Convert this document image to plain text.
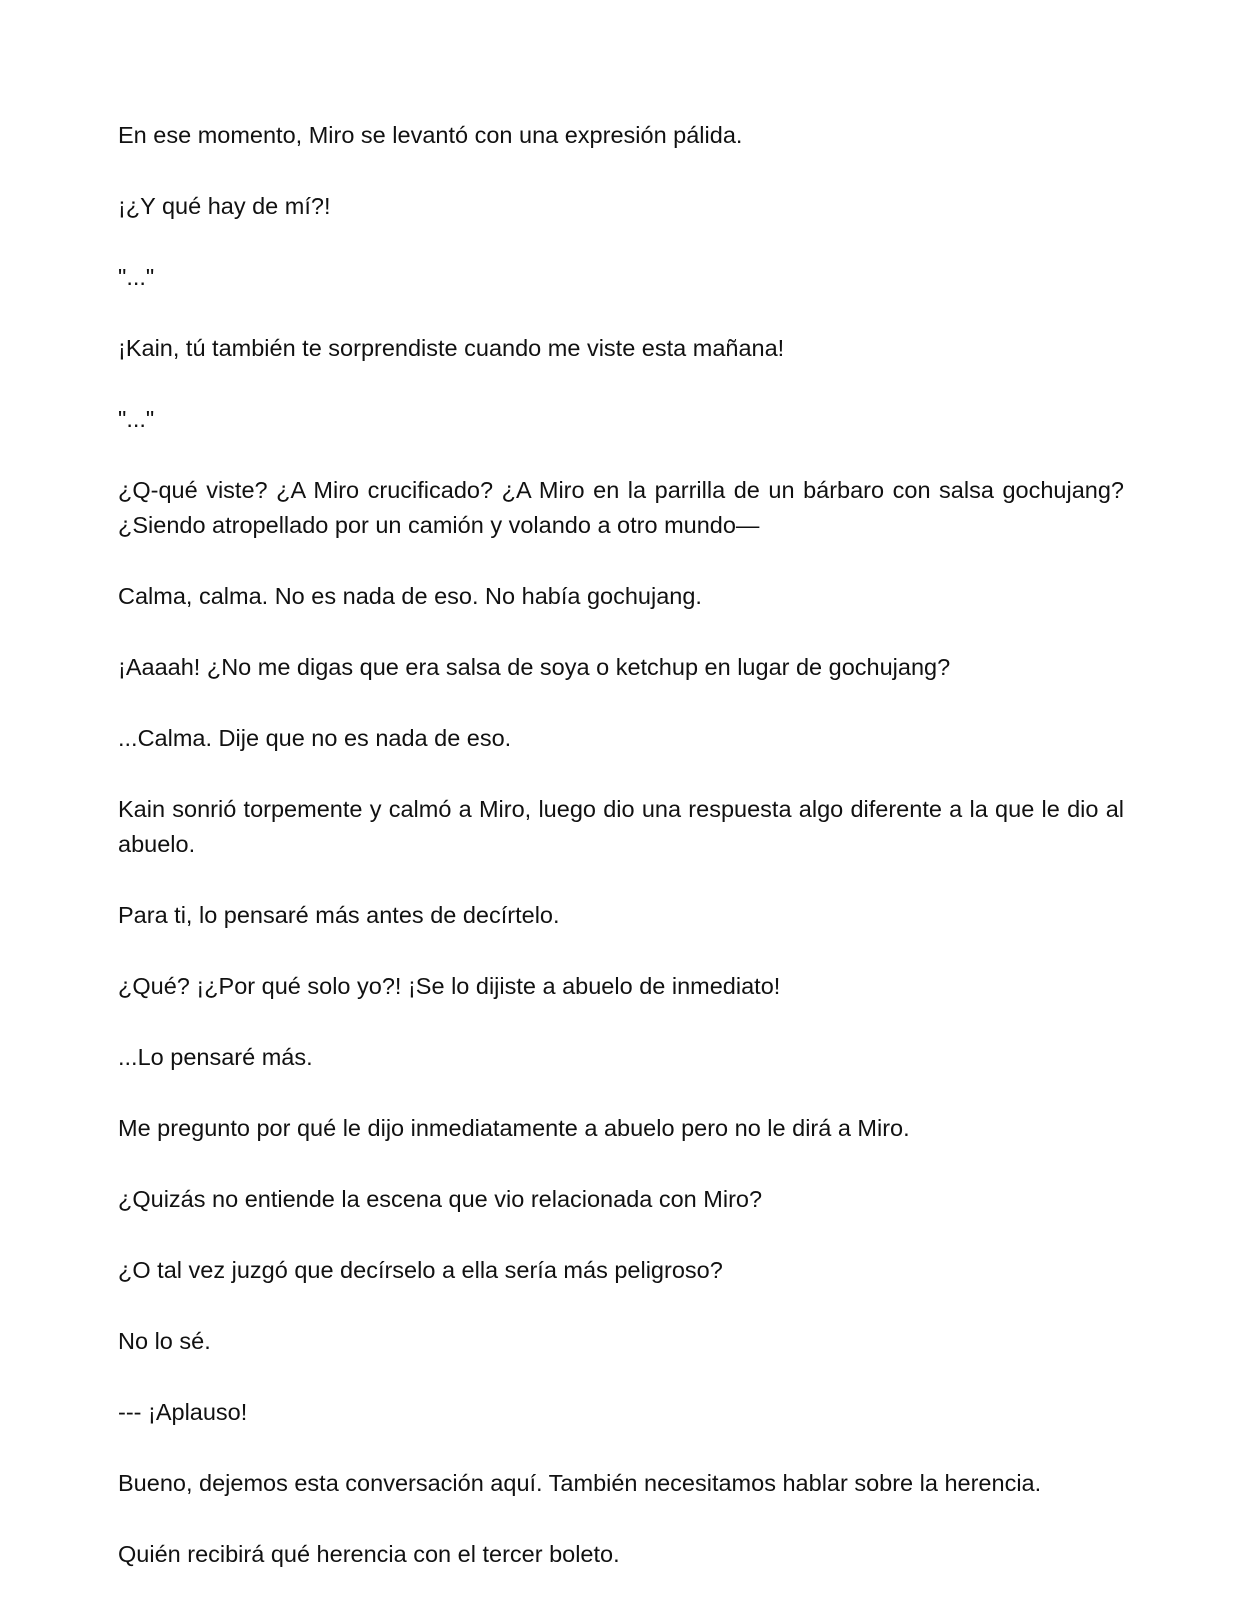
En ese momento, Miro se levantó con una expresión pálida.

¡¿Y qué hay de mí?!

"..."

¡Kain, tú también te sorprendiste cuando me viste esta mañana!

"..."

¿Q-qué viste? ¿A Miro crucificado? ¿A Miro en la parrilla de un bárbaro con salsa gochujang? ¿Siendo atropellado por un camión y volando a otro mundo—

Calma, calma. No es nada de eso. No había gochujang.

¡Aaaah! ¿No me digas que era salsa de soya o ketchup en lugar de gochujang?

...Calma. Dije que no es nada de eso.

Kain sonrió torpemente y calmó a Miro, luego dio una respuesta algo diferente a la que le dio al abuelo.

Para ti, lo pensaré más antes de decírtelo.

¿Qué? ¡¿Por qué solo yo?! ¡Se lo dijiste a abuelo de inmediato!

...Lo pensaré más.

Me pregunto por qué le dijo inmediatamente a abuelo pero no le dirá a Miro.

¿Quizás no entiende la escena que vio relacionada con Miro?

¿O tal vez juzgó que decírselo a ella sería más peligroso?

No lo sé.

--- ¡Aplauso!

Bueno, dejemos esta conversación aquí. También necesitamos hablar sobre la herencia.

Quién recibirá qué herencia con el tercer boleto.
